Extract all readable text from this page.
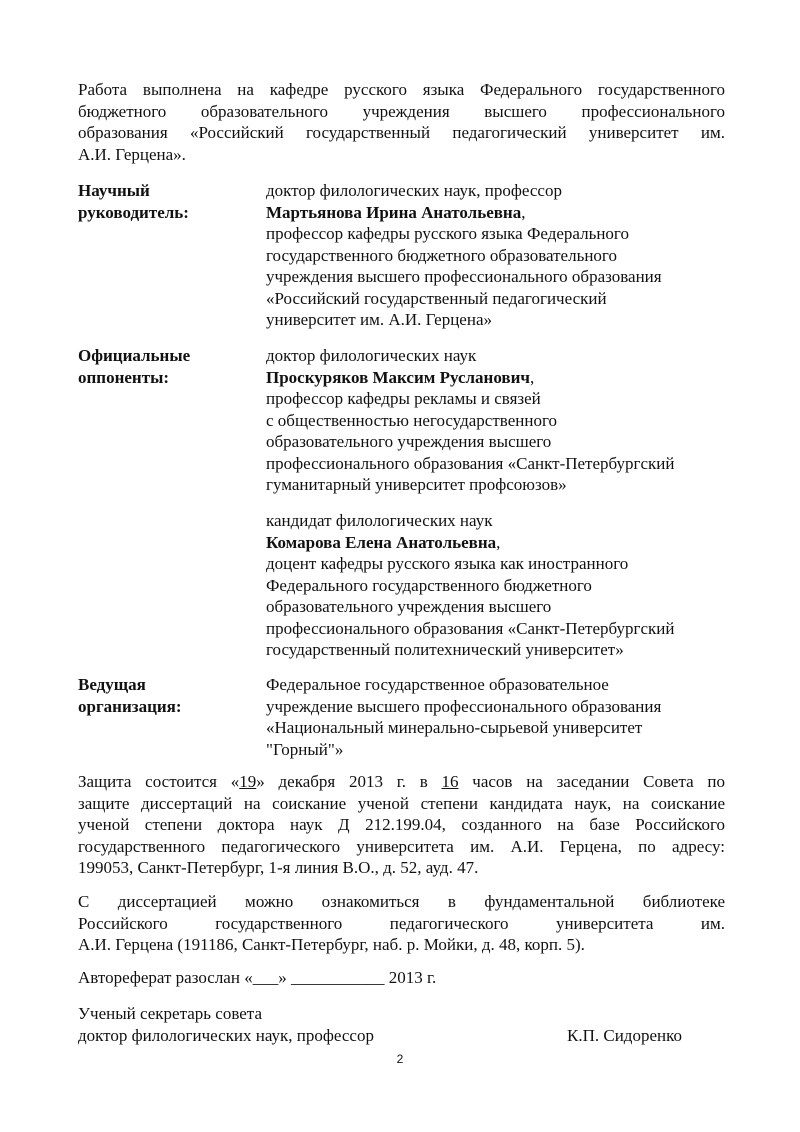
Работа выполнена на кафедре русского языка Федерального государственного
бюджетного образовательного учреждения высшего профессионального
образования «Российский государственный педагогический университет им.
А.И. Герцена».
Научный
руководитель:
доктор филологических наук, профессор
Мартьянова Ирина Анатольевна,
профессор кафедры русского языка Федерального
государственного бюджетного образовательного
учреждения высшего профессионального образования
«Российский государственный педагогический
университет им. А.И. Герцена»
Официальные
оппоненты:
доктор филологических наук
Проскуряков Максим Русланович,
профессор кафедры рекламы и связей
с общественностью негосударственного
образовательного учреждения высшего
профессионального образования «Санкт-Петербургский
гуманитарный университет профсоюзов»
кандидат филологических наук
Комарова Елена Анатольевна,
доцент кафедры русского языка как иностранного
Федерального государственного бюджетного
образовательного учреждения высшего
профессионального образования «Санкт-Петербургский
государственный политехнический университет»
Ведущая
организация:
Федеральное государственное образовательное
учреждение высшего профессионального образования
«Национальный минерально-сырьевой университет
"Горный"»
Защита состоится «19» декабря 2013 г. в 16 часов на заседании Совета по
защите диссертаций на соискание ученой степени кандидата наук, на соискание
ученой степени доктора наук Д 212.199.04, созданного на базе Российского
государственного педагогического университета им. А.И. Герцена, по адресу:
199053, Санкт-Петербург, 1-я линия В.О., д. 52, ауд. 47.
С диссертацией можно ознакомиться в фундаментальной библиотеке
Российского государственного педагогического университета им.
А.И. Герцена (191186, Санкт-Петербург, наб. р. Мойки, д. 48, корп. 5).
Автореферат разослан «___» ___________ 2013 г.
Ученый секретарь совета
доктор филологических наук, профессор	К.П. Сидоренко
2
